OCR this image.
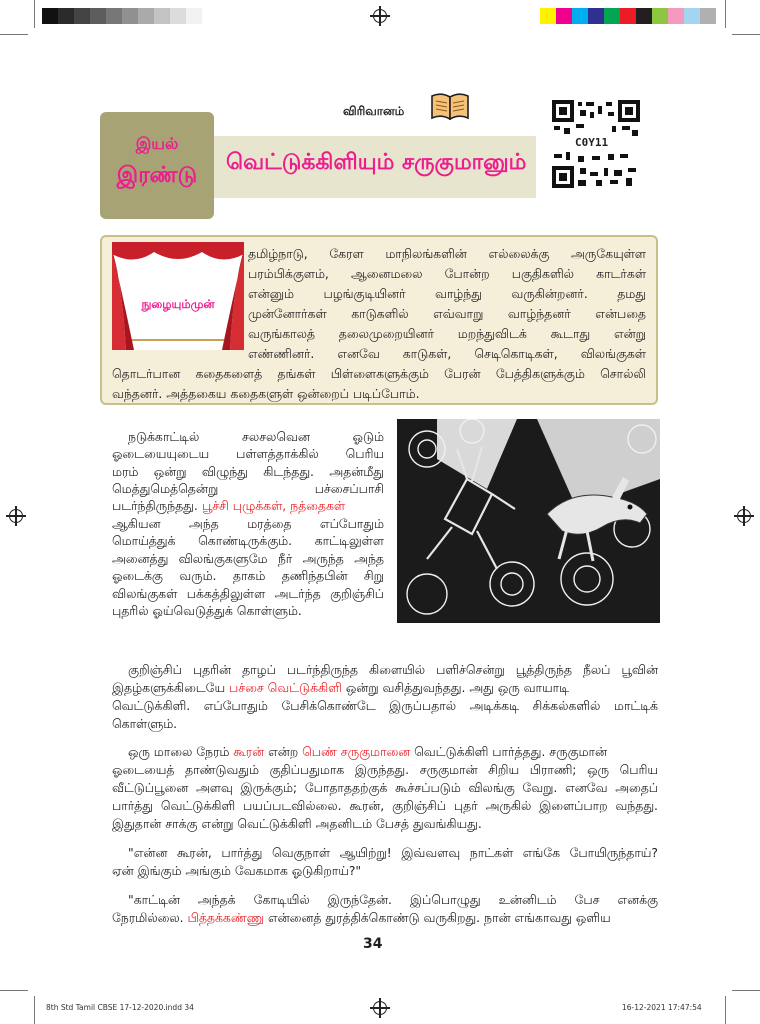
விரிவானம்
C0Y11
வெட்டுக்கிளியும் சருகுமானும்
இயல்
இரண்டு
நுழையும்முன்
தமிழ்நாடு, கேரள மாநிலங்களின் எல்லைக்கு அருகேயுள்ள
பரம்பிக்குளம், ஆனைமலை போன்ற பகுதிகளில் காடர்கள்
என்னும் பழங்குடியினர் வாழ்ந்து வருகின்றனர். தமது
முன்னோர்கள் காடுகளில் எவ்வாறு வாழ்ந்தனர் என்பதை
வருங்காலத் தலைமுறையினர் மறந்துவிடக் கூடாது என்று
எண்ணினர். எனவே காடுகள், செடிகொடிகள், விலங்குகள்
தொடர்பான கதைகளைத் தங்கள் பிள்ளைகளுக்கும் பேரன் பேத்திகளுக்கும் சொல்லி
வந்தனர். அத்தகைய கதைகளுள் ஒன்றைப் படிப்போம்.
நடுக்காட்டில் சலசலவென ஓடும்
ஓடையையுடைய பள்ளத்தாக்கில் பெரிய
மரம் ஒன்று விழுந்து கிடந்தது. அதன்மீது
மெத்துமெத்தென்று பச்சைப்பாசி
படர்ந்திருந்தது. பூச்சி புழுக்கள், நத்தைகள்
ஆகியன அந்த மரத்தை எப்போதும்
மொய்த்துக் கொண்டிருக்கும். காட்டிலுள்ள
அனைத்து விலங்குகளுமே நீர் அருந்த அந்த
ஓடைக்கு வரும். தாகம் தணிந்தபின் சிறு
விலங்குகள் பக்கத்திலுள்ள அடர்ந்த குறிஞ்சிப்
புதரில் ஓய்வெடுத்துக் கொள்ளும்.
குறிஞ்சிப் புதரின் தாழப் படர்ந்திருந்த கிளையில் பளிச்சென்று பூத்திருந்த நீலப் பூவின்
இதழ்களுக்கிடையே பச்சை வெட்டுக்கிளி ஒன்று வசித்துவந்தது. அது ஒரு வாயாடி
வெட்டுக்கிளி. எப்போதும் பேசிக்கொண்டே இருப்பதால் அடிக்கடி சிக்கல்களில் மாட்டிக்
கொள்ளும்.
ஒரு மாலை நேரம் கூரன் என்ற பெண் சருகுமானை வெட்டுக்கிளி பார்த்தது. சருகுமான்
ஓடையைத் தாண்டுவதும் குதிப்பதுமாக இருந்தது. சருகுமான் சிறிய பிராணி; ஒரு பெரிய
வீட்டுப்பூனை அளவு இருக்கும்; போதாததற்குக் கூச்சப்படும் விலங்கு வேறு. எனவே அதைப்
பார்த்து வெட்டுக்கிளி பயப்படவில்லை. கூரன், குறிஞ்சிப் புதர் அருகில் இளைப்பாற வந்தது.
இதுதான் சாக்கு என்று வெட்டுக்கிளி அதனிடம் பேசத் துவங்கியது.
"என்ன கூரன், பார்த்து வெகுநாள் ஆயிற்று! இவ்வளவு நாட்கள் எங்கே போயிருந்தாய்?
ஏன் இங்கும் அங்கும் வேகமாக ஓடுகிறாய்?"
"காட்டின் அந்தக் கோடியில் இருந்தேன். இப்பொழுது உன்னிடம் பேச எனக்கு
நேரமில்லை. பித்தக்கண்ணு என்னைத் துரத்திக்கொண்டு வருகிறது. நான் எங்காவது ஒளிய
34
8th Std Tamil CBSE 17-12-2020.indd 34	16-12-2021 17:47:54
